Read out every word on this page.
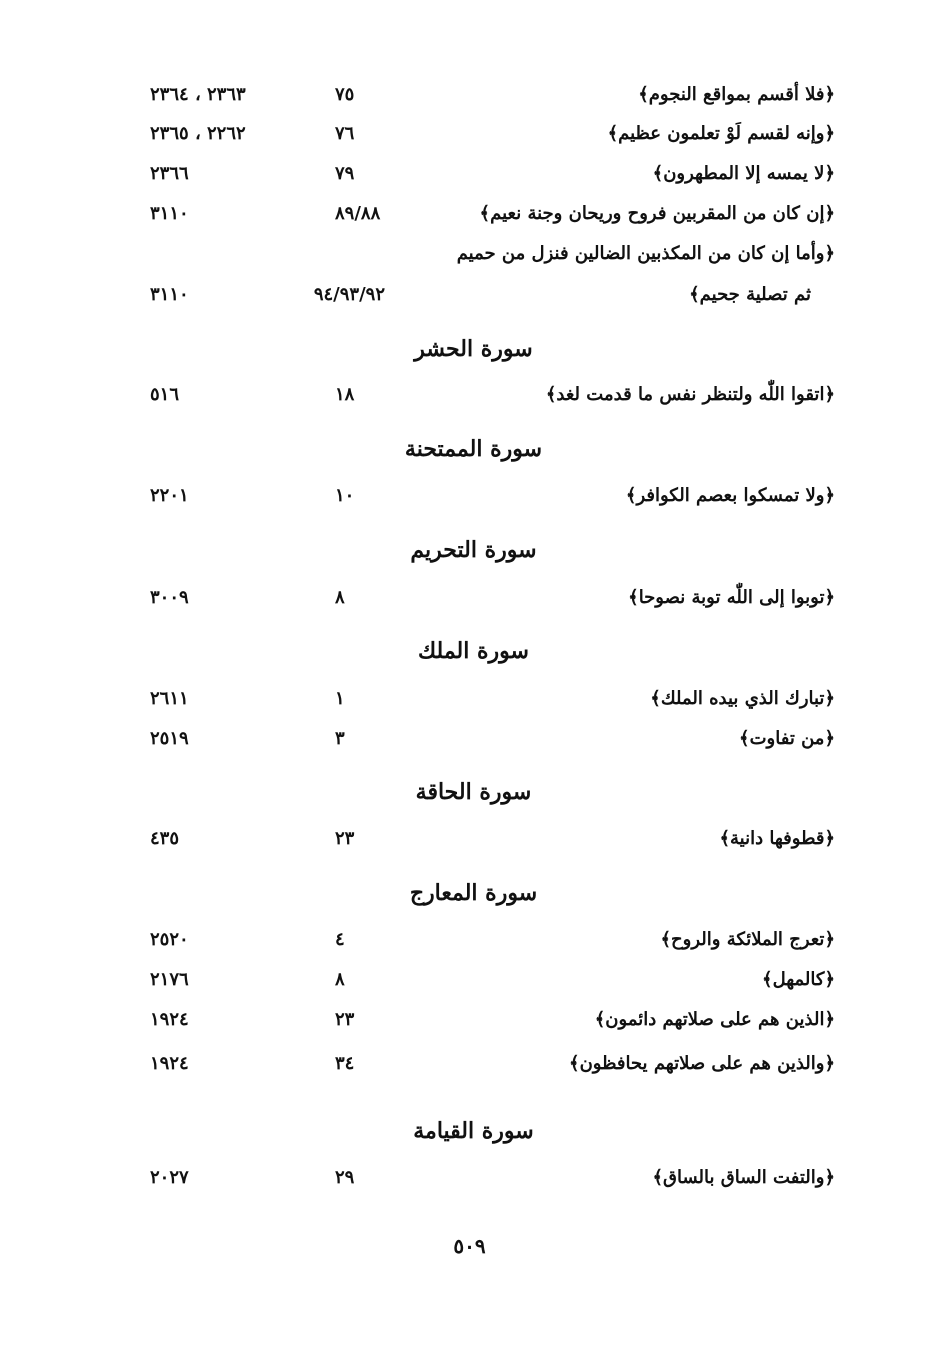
﴿فلا أقسم بمواقع النجوم﴾
٧٥
٢٣٦٣ ، ٢٣٦٤
﴿وإنه لقسم لَوْ تعلمون عظيم﴾
٧٦
٢٢٦٢ ، ٢٣٦٥
﴿لا يمسه إلا المطهرون﴾
٧٩
٢٣٦٦
﴿إن كان من المقربين فروح وريحان وجنة نعيم﴾
٨٩/٨٨
٣١١٠
﴿وأما إن كان من المكذبين الضالين فنزل من حميم
ثم تصلية جحيم﴾
٩٤/٩٣/٩٢
٣١١٠
سورة الحشر
﴿اتقوا اللّٰه ولتنظر نفس ما قدمت لغد﴾
١٨
٥١٦
سورة الممتحنة
﴿ولا تمسكوا بعصم الكوافر﴾
١٠
٢٢٠١
سورة التحريم
﴿توبوا إلى اللّٰه توبة نصوحا﴾
٨
٣٠٠٩
سورة الملك
﴿تبارك الذي بيده الملك﴾
١
٢٦١١
﴿من تفاوت﴾
٣
٢٥١٩
سورة الحاقة
﴿قطوفها دانية﴾
٢٣
٤٣٥
سورة المعارج
﴿تعرج الملائكة والروح﴾
٤
٢٥٢٠
﴿كالمهل﴾
٨
٢١٧٦
﴿الذين هم على صلاتهم دائمون﴾
٢٣
١٩٢٤
﴿والذين هم على صلاتهم يحافظون﴾
٣٤
١٩٢٤
سورة القيامة
﴿والتفت الساق بالساق﴾
٢٩
٢٠٢٧
٥٠٩
